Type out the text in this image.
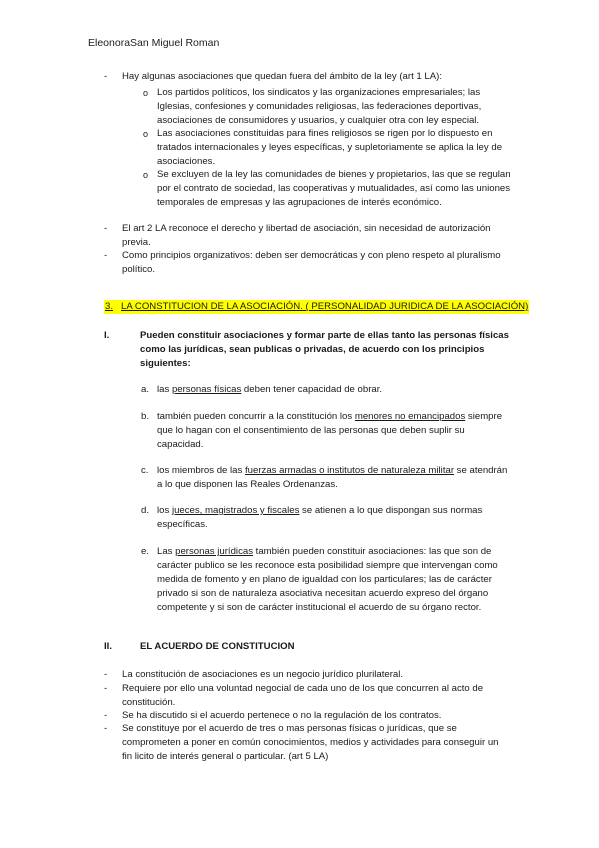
EleonoraSan Miguel Roman
-	Hay algunas asociaciones que quedan fuera del ámbito de la ley (art 1 LA):
o Los partidos políticos, los sindicatos y las organizaciones empresariales; las Iglesias, confesiones y comunidades religiosas, las federaciones deportivas, asociaciones de consumidores y usuarios, y cualquier otra con ley especial.
o Las asociaciones constituidas para fines religiosos se rigen por lo dispuesto en tratados internacionales y leyes específicas, y supletoriamente se aplica la ley de asociaciones.
o Se excluyen de la ley las comunidades de bienes y propietarios, las que se regulan por el contrato de sociedad, las cooperativas y mutualidades, así como las uniones temporales de empresas y las agrupaciones de interés económico.
-	El art 2 LA reconoce el derecho y libertad de asociación, sin necesidad de autorización previa.
-	Como principios organizativos: deben ser democráticas y con pleno respeto al pluralismo político.
3. LA CONSTITUCION DE LA ASOCIACIÓN. ( PERSONALIDAD JURIDICA DE LA ASOCIACIÓN)
I.	Pueden constituir asociaciones y formar parte de ellas tanto las personas físicas como las jurídicas, sean publicas o privadas, de acuerdo con los principios siguientes:
a. las personas físicas deben tener capacidad de obrar.
b. también pueden concurrir a la constitución los menores no emancipados siempre que lo hagan con el consentimiento de las personas que deben suplir su capacidad.
c. los miembros de las fuerzas armadas o institutos de naturaleza militar se atendrán a lo que disponen las Reales Ordenanzas.
d. los jueces, magistrados y fiscales se atienen a lo que dispongan sus normas específicas.
e. Las personas jurídicas también pueden constituir asociaciones: las que son de carácter publico se les reconoce esta posibilidad siempre que intervengan como medida de fomento y en plano de igualdad con los particulares; las de carácter privado si son de naturaleza asociativa necesitan acuerdo expreso del órgano competente y si son de carácter institucional el acuerdo de su órgano rector.
II.	EL ACUERDO DE CONSTITUCION
-	La constitución de asociaciones es un negocio jurídico plurilateral.
-	Requiere por ello una voluntad negocial de cada uno de los que concurren al acto de constitución.
-	Se ha discutido si el acuerdo pertenece o no la regulación de los contratos.
-	Se constituye por el acuerdo de tres o mas personas físicas o jurídicas, que se comprometen a poner en común conocimientos, medios y actividades para conseguir un fin licito de interés general o particular. (art 5 LA)
